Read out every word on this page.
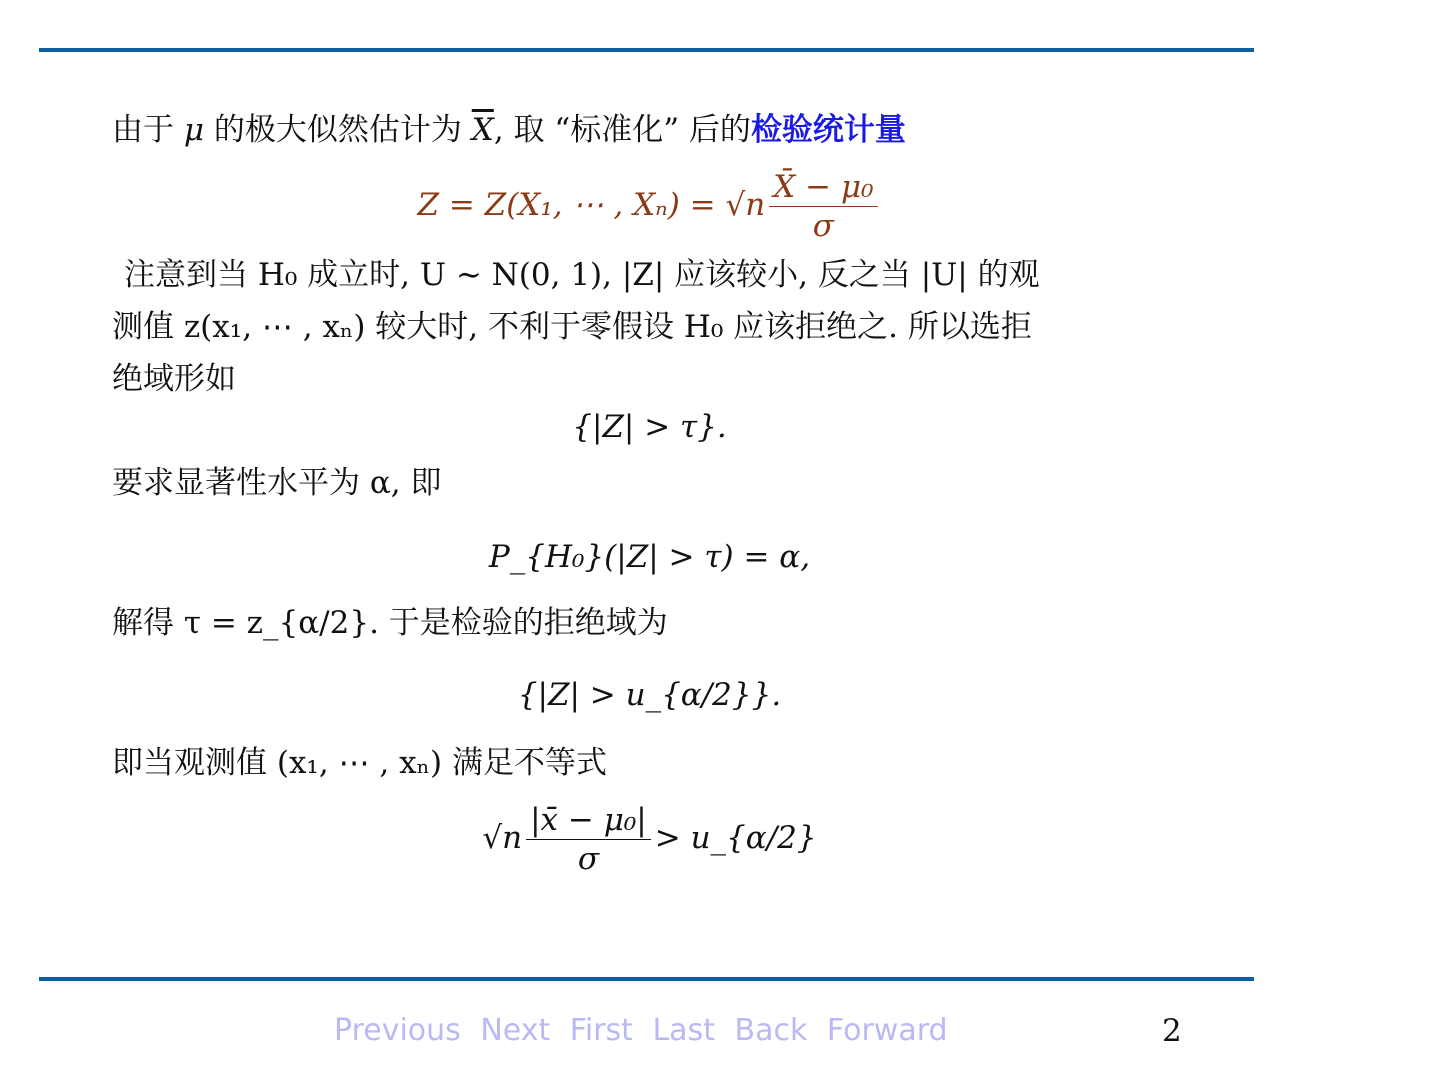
由于 μ 的极大似然估计为 $\overline{X}$, 取 “标准化” 后的检验统计量

Z = Z(X₁, ⋯ , $X_n) = √n \frac{\text{X̄ − μ₀}}{\sigma}$

注意到当 H₀ 成立时, U ∼ N(0, 1), |Z| 应该较小, 反之当 |U| 的观
测值 z(x₁, ⋯ , xₙ) 较大时, 不利于零假设 H₀ 应该拒绝之. 所以选拒
绝域形如

{|Z| > τ}.

要求显著性水平为 α, 即

P_{H₀}(|Z| > τ) = α,

解得 τ = z_{α/2}. 于是检验的拒绝域为

{|Z| > u_{α/2}}.

即当观测值 (x₁, ⋯ , xₙ) 满足不等式

$√n \frac{\text{|x̄ − μ₀|}}{\sigma}$ > u_{α/2}
Previous Next First Last Back Forward	2
